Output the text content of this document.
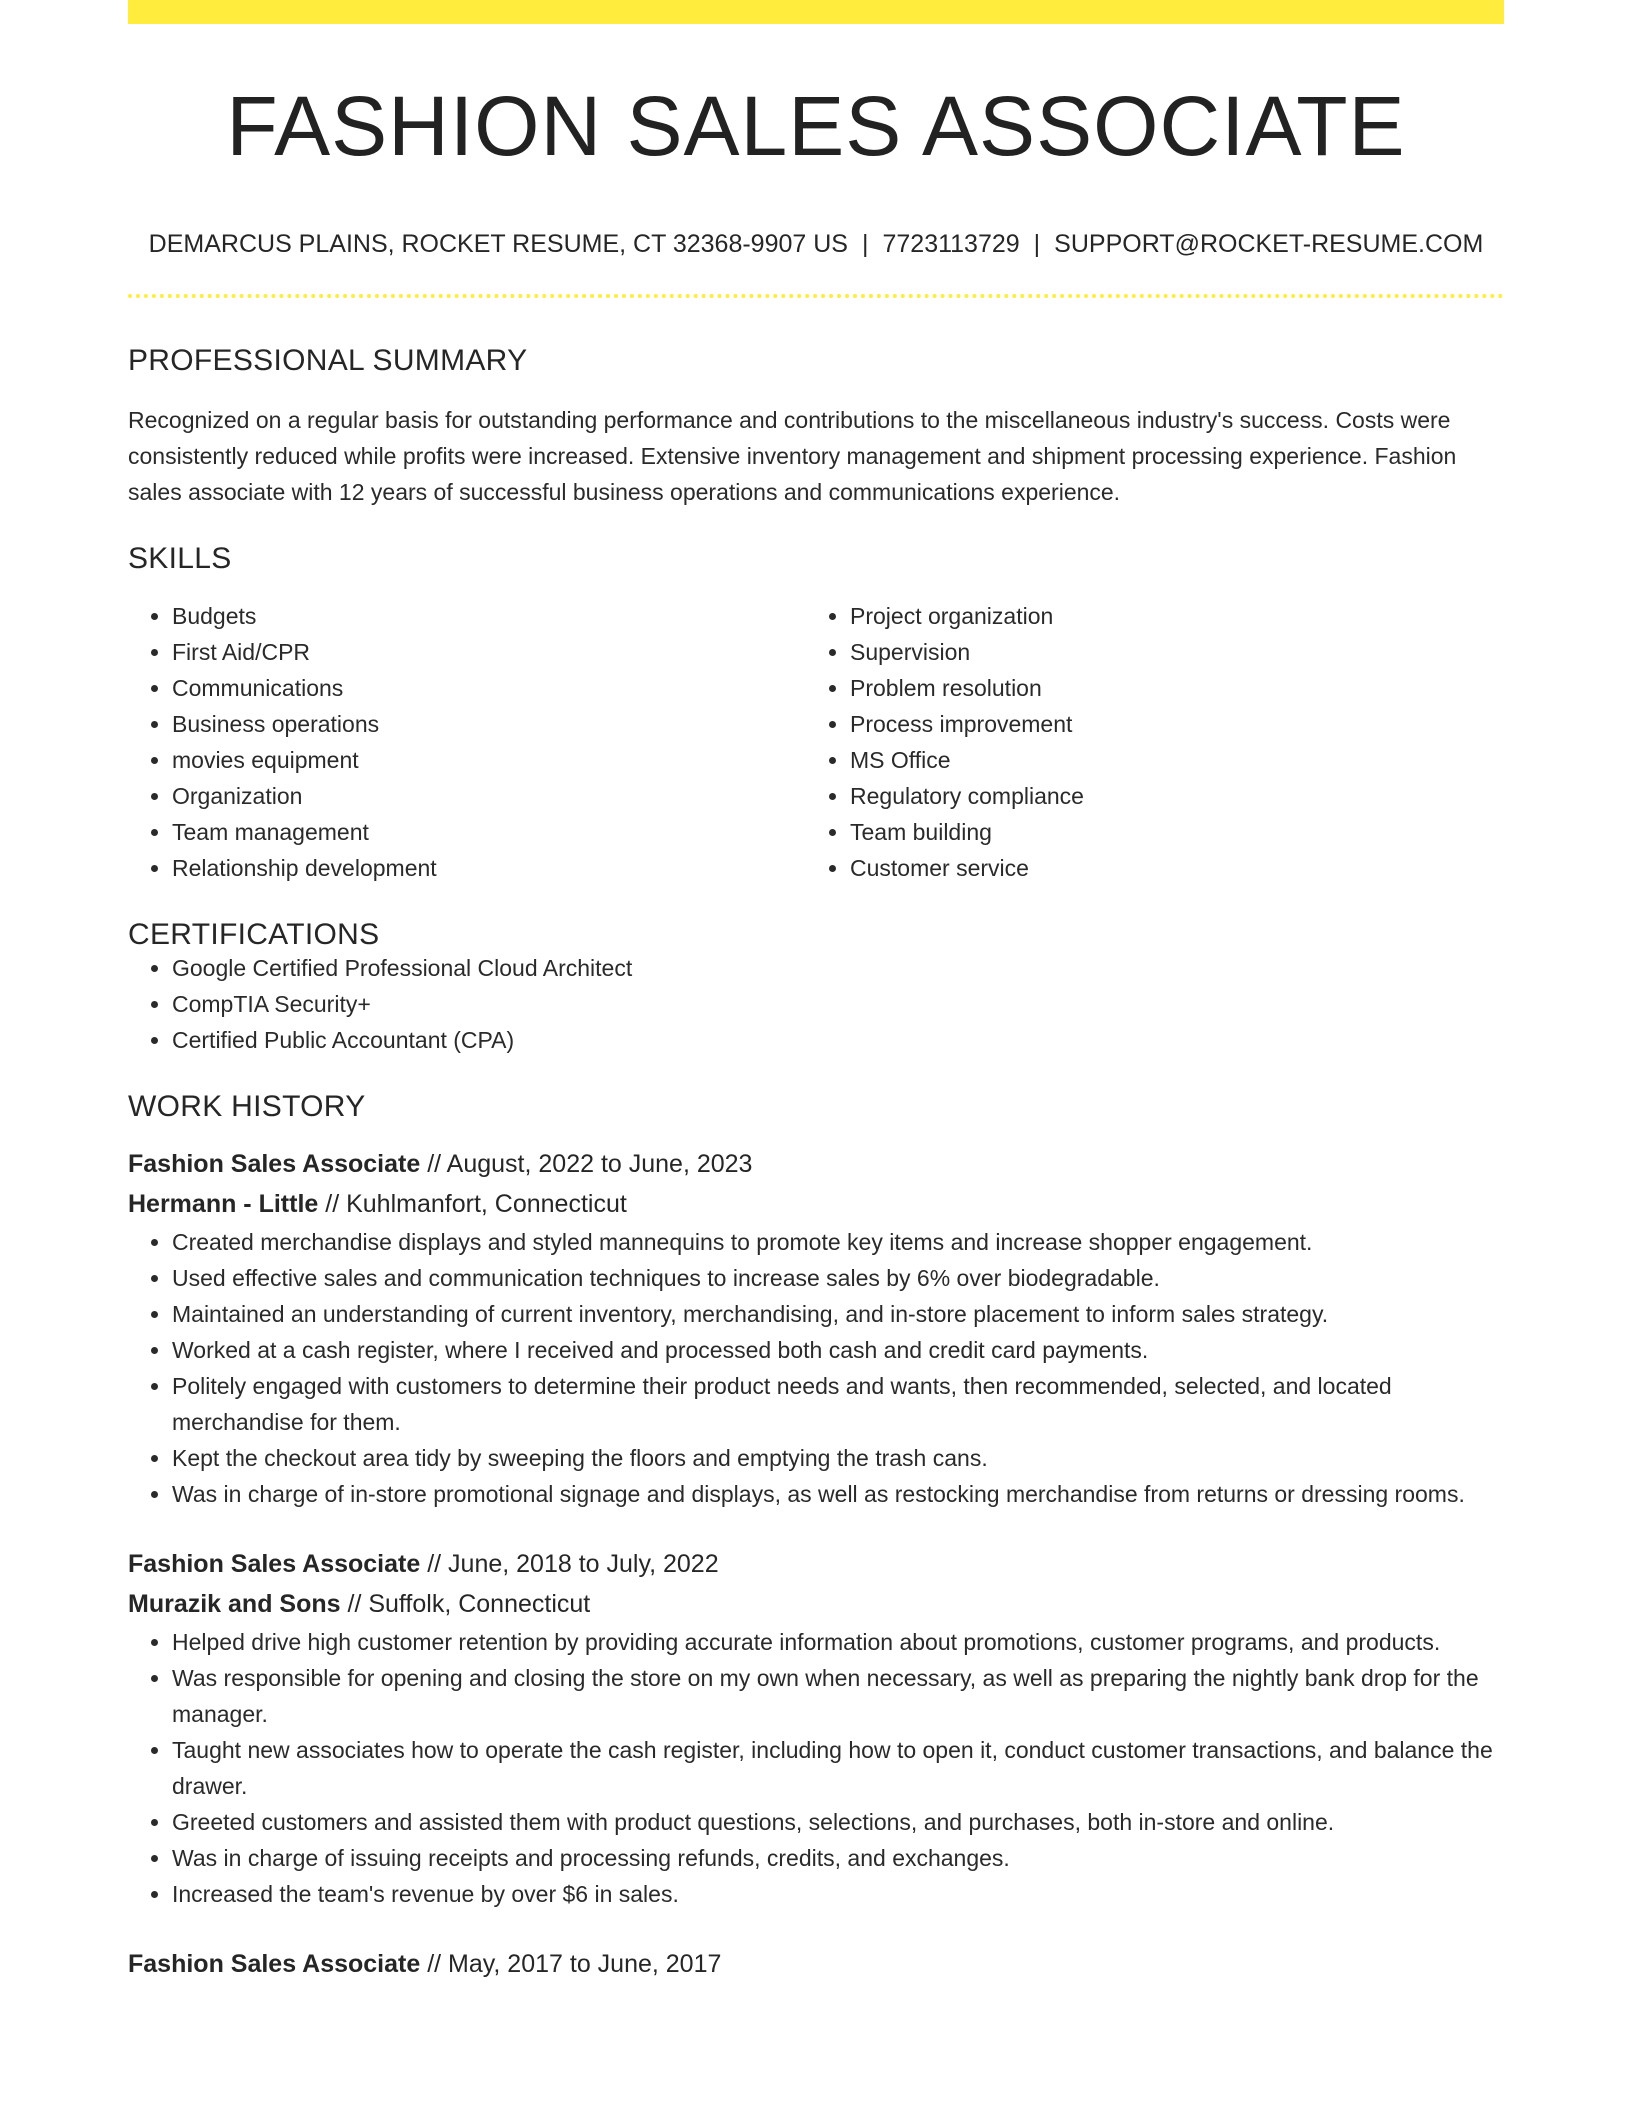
FASHION SALES ASSOCIATE
DEMARCUS PLAINS, ROCKET RESUME, CT 32368-9907 US | 7723113729 | SUPPORT@ROCKET-RESUME.COM
PROFESSIONAL SUMMARY
Recognized on a regular basis for outstanding performance and contributions to the miscellaneous industry's success. Costs were consistently reduced while profits were increased. Extensive inventory management and shipment processing experience. Fashion sales associate with 12 years of successful business operations and communications experience.
SKILLS
• Budgets
• First Aid/CPR
• Communications
• Business operations
• movies equipment
• Organization
• Team management
• Relationship development
• Project organization
• Supervision
• Problem resolution
• Process improvement
• MS Office
• Regulatory compliance
• Team building
• Customer service
CERTIFICATIONS
• Google Certified Professional Cloud Architect
• CompTIA Security+
• Certified Public Accountant (CPA)
WORK HISTORY
Fashion Sales Associate // August, 2022 to June, 2023
Hermann - Little // Kuhlmanfort, Connecticut
• Created merchandise displays and styled mannequins to promote key items and increase shopper engagement.
• Used effective sales and communication techniques to increase sales by 6% over biodegradable.
• Maintained an understanding of current inventory, merchandising, and in-store placement to inform sales strategy.
• Worked at a cash register, where I received and processed both cash and credit card payments.
• Politely engaged with customers to determine their product needs and wants, then recommended, selected, and located merchandise for them.
• Kept the checkout area tidy by sweeping the floors and emptying the trash cans.
• Was in charge of in-store promotional signage and displays, as well as restocking merchandise from returns or dressing rooms.
Fashion Sales Associate // June, 2018 to July, 2022
Murazik and Sons // Suffolk, Connecticut
• Helped drive high customer retention by providing accurate information about promotions, customer programs, and products.
• Was responsible for opening and closing the store on my own when necessary, as well as preparing the nightly bank drop for the manager.
• Taught new associates how to operate the cash register, including how to open it, conduct customer transactions, and balance the drawer.
• Greeted customers and assisted them with product questions, selections, and purchases, both in-store and online.
• Was in charge of issuing receipts and processing refunds, credits, and exchanges.
• Increased the team's revenue by over $6 in sales.
Fashion Sales Associate // May, 2017 to June, 2017
